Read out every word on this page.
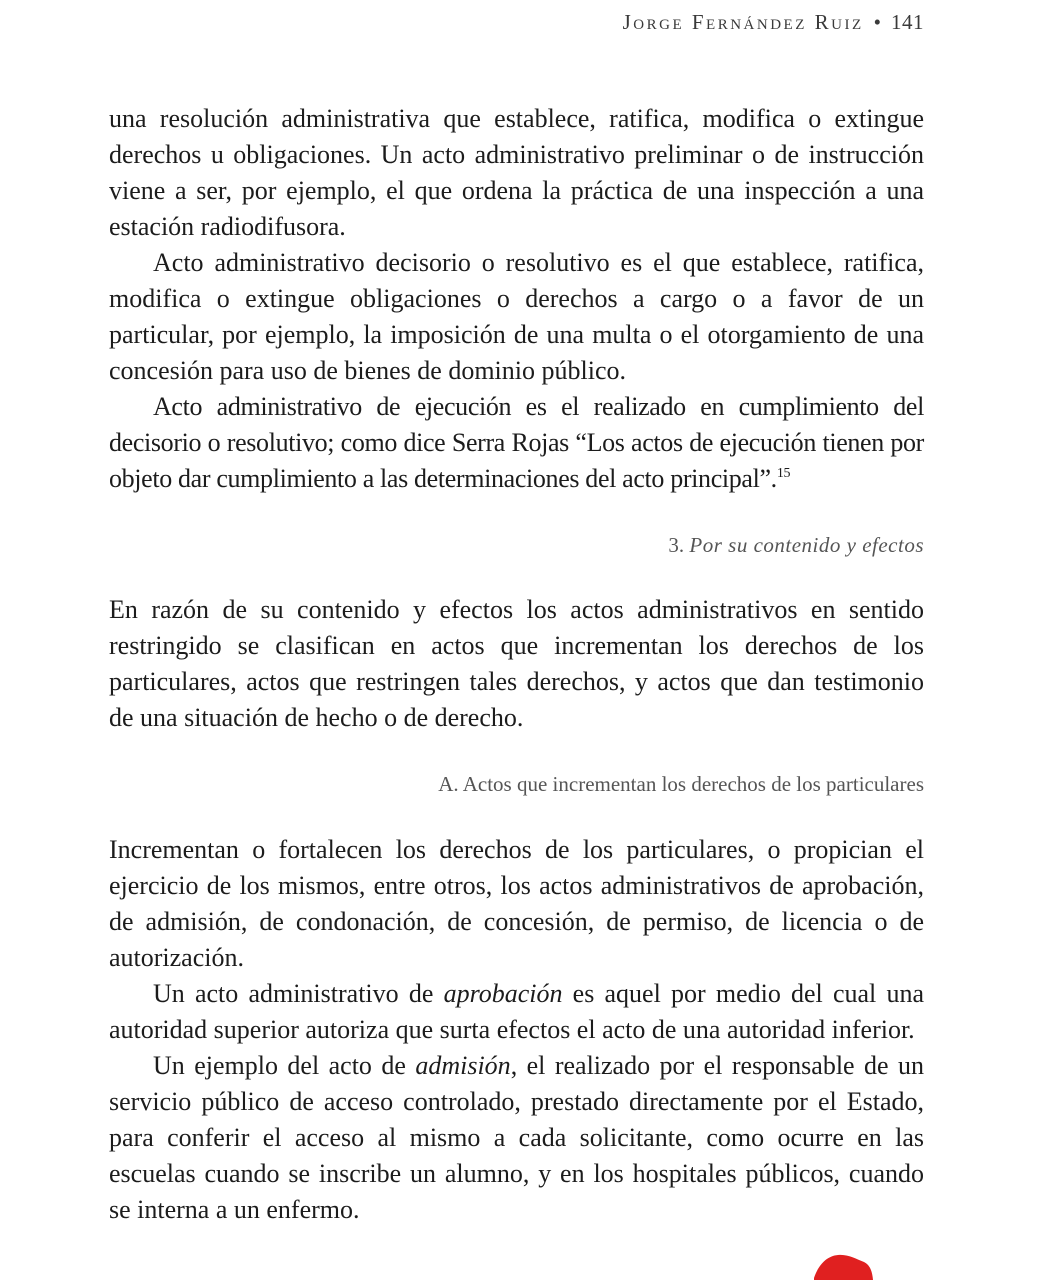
Jorge Fernández Ruiz • 141

una resolución administrativa que establece, ratifica, modifica o extingue derechos u obligaciones. Un acto administrativo preliminar o de instrucción viene a ser, por ejemplo, el que ordena la práctica de una inspección a una estación radiodifusora.

Acto administrativo decisorio o resolutivo es el que establece, ratifica, modifica o extingue obligaciones o derechos a cargo o a favor de un particular, por ejemplo, la imposición de una multa o el otorgamiento de una concesión para uso de bienes de dominio público.

Acto administrativo de ejecución es el realizado en cumplimiento del decisorio o resolutivo; como dice Serra Rojas “Los actos de ejecución tienen por objeto dar cumplimiento a las determinaciones del acto principal”.$^{15}$

3. Por su contenido y efectos

En razón de su contenido y efectos los actos administrativos en sentido restringido se clasifican en actos que incrementan los derechos de los particulares, actos que restringen tales derechos, y actos que dan testimonio de una situación de hecho o de derecho.

A. Actos que incrementan los derechos de los particulares

Incrementan o fortalecen los derechos de los particulares, o propician el ejercicio de los mismos, entre otros, los actos administrativos de aprobación, de admisión, de condonación, de concesión, de permiso, de licencia o de autorización.

Un acto administrativo de aprobación es aquel por medio del cual una autoridad superior autoriza que surta efectos el acto de una autoridad inferior.

Un ejemplo del acto de admisión, el realizado por el responsable de un servicio público de acceso controlado, prestado directamente por el Estado, para conferir el acceso al mismo a cada solicitante, como ocurre en las escuelas cuando se inscribe un alumno, y en los hospitales públicos, cuando se interna a un enfermo.
